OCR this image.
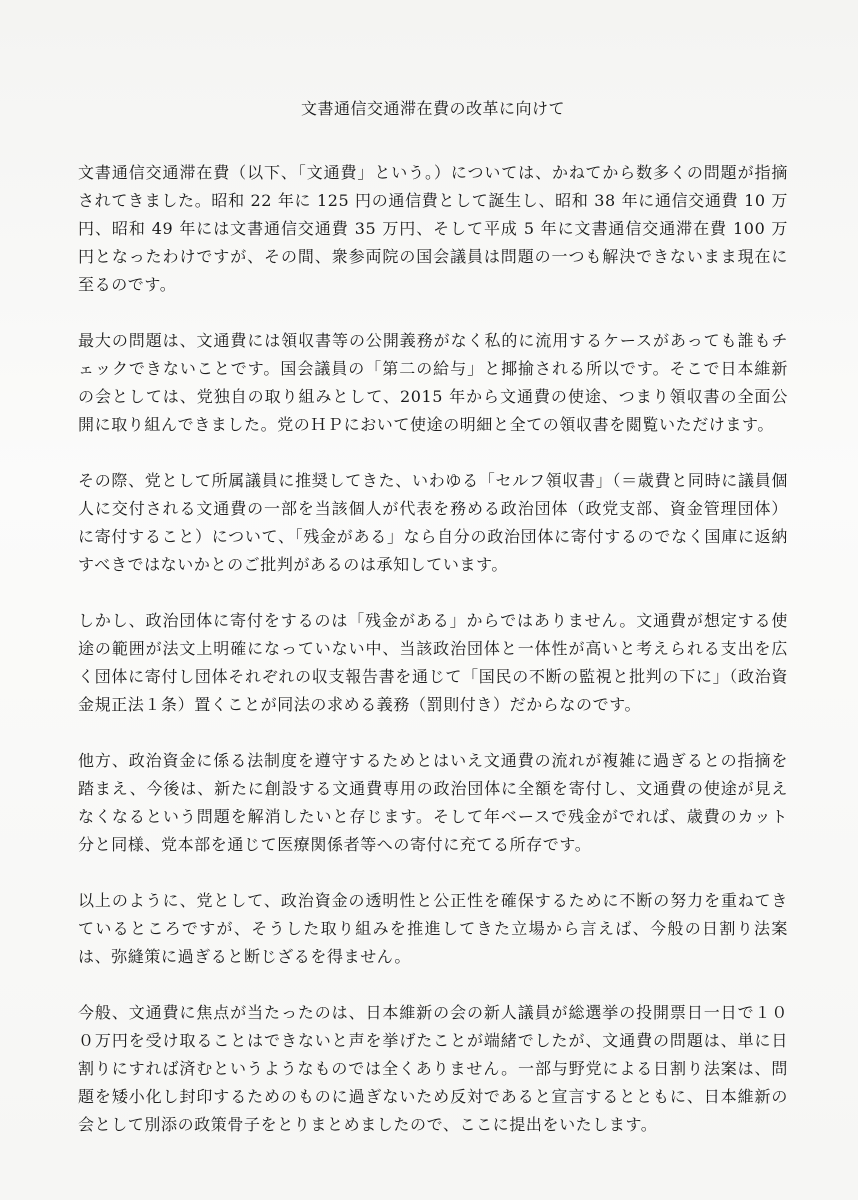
文書通信交通滞在費の改革に向けて

文書通信交通滞在費（以下、「文通費」という。）については、かねてから数多くの問題が指摘されてきました。昭和 22 年に 125 円の通信費として誕生し、昭和 38 年に通信交通費 10 万円、昭和 49 年には文書通信交通費 35 万円、そして平成 5 年に文書通信交通滞在費 100 万円となったわけですが、その間、衆参両院の国会議員は問題の一つも解決できないまま現在に至るのです。

最大の問題は、文通費には領収書等の公開義務がなく私的に流用するケースがあっても誰もチェックできないことです。国会議員の「第二の給与」と揶揄される所以です。そこで日本維新の会としては、党独自の取り組みとして、2015 年から文通費の使途、つまり領収書の全面公開に取り組んできました。党のＨＰにおいて使途の明細と全ての領収書を閲覧いただけます。

その際、党として所属議員に推奨してきた、いわゆる「セルフ領収書」（＝歳費と同時に議員個人に交付される文通費の一部を当該個人が代表を務める政治団体（政党支部、資金管理団体）に寄付すること）について、「残金がある」なら自分の政治団体に寄付するのでなく国庫に返納すべきではないかとのご批判があるのは承知しています。

しかし、政治団体に寄付をするのは「残金がある」からではありません。文通費が想定する使途の範囲が法文上明確になっていない中、当該政治団体と一体性が高いと考えられる支出を広く団体に寄付し団体それぞれの収支報告書を通じて「国民の不断の監視と批判の下に」（政治資金規正法１条）置くことが同法の求める義務（罰則付き）だからなのです。

他方、政治資金に係る法制度を遵守するためとはいえ文通費の流れが複雑に過ぎるとの指摘を踏まえ、今後は、新たに創設する文通費専用の政治団体に全額を寄付し、文通費の使途が見えなくなるという問題を解消したいと存じます。そして年ベースで残金がでれば、歳費のカット分と同様、党本部を通じて医療関係者等への寄付に充てる所存です。

以上のように、党として、政治資金の透明性と公正性を確保するために不断の努力を重ねてきているところですが、そうした取り組みを推進してきた立場から言えば、今般の日割り法案は、弥縫策に過ぎると断じざるを得ません。

今般、文通費に焦点が当たったのは、日本維新の会の新人議員が総選挙の投開票日一日で１００万円を受け取ることはできないと声を挙げたことが端緒でしたが、文通費の問題は、単に日割りにすれば済むというようなものでは全くありません。一部与野党による日割り法案は、問題を矮小化し封印するためのものに過ぎないため反対であると宣言するとともに、日本維新の会として別添の政策骨子をとりまとめましたので、ここに提出をいたします。
